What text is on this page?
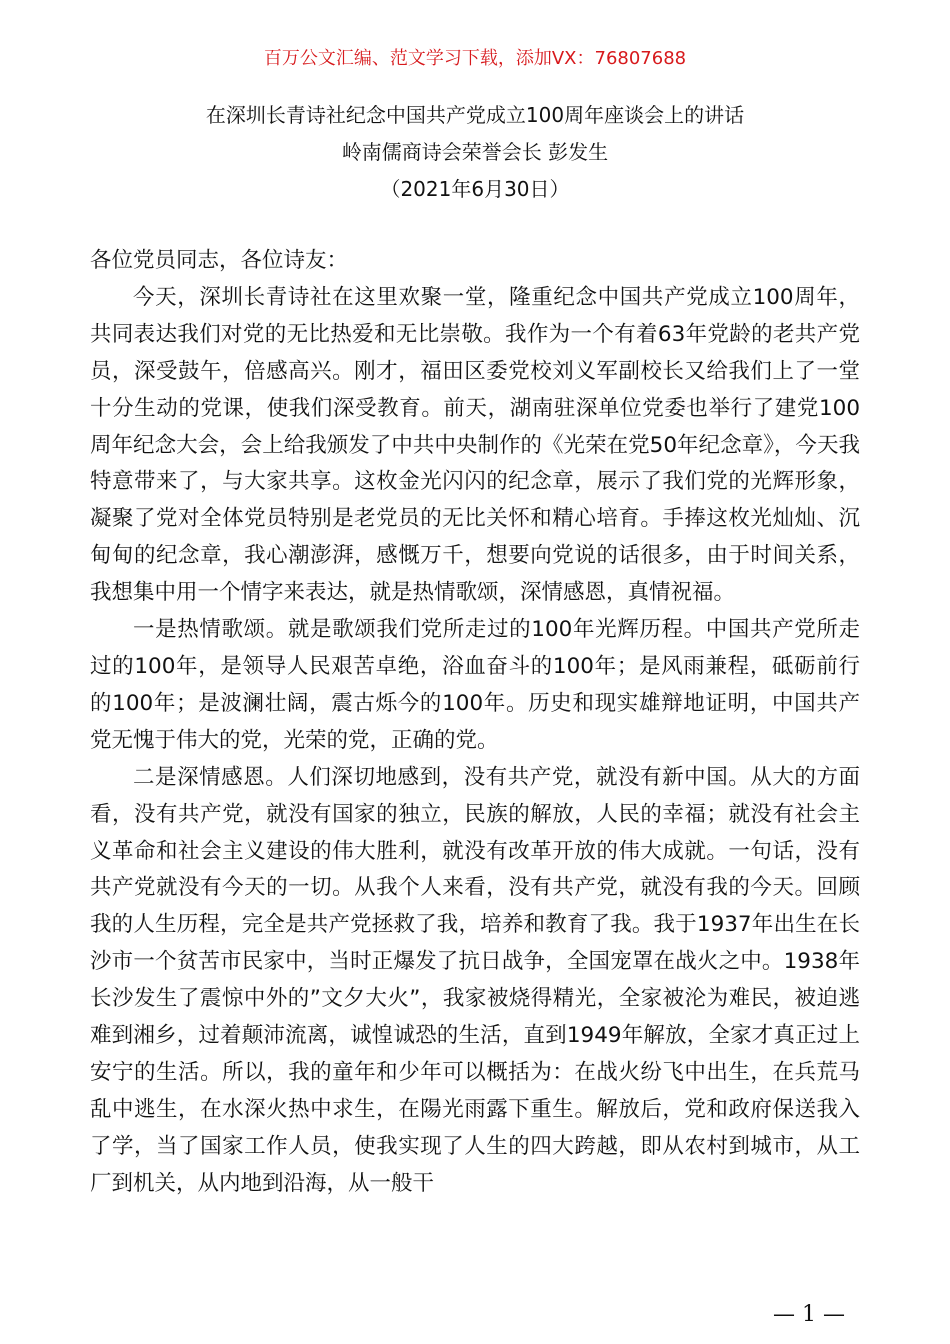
百万公文汇编、范文学习下载，添加VX：76807688
在深圳长青诗社纪念中国共产党成立100周年座谈会上的讲话
岭南儒商诗会荣誉会长 彭发生
（2021年6月30日）

各位党员同志，各位诗友：

今天，深圳长青诗社在这里欢聚一堂，隆重纪念中国共产党成立100周年，共同表达我们对党的无比热爱和无比崇敬。我作为一个有着63年党龄的老共产党员，深受鼓午，倍感高兴。刚才，福田区委党校刘义军副校长又给我们上了一堂十分生动的党课，使我们深受教育。前天，湖南驻深单位党委也举行了建党100周年纪念大会，会上给我颁发了中共中央制作的《光荣在党50年纪念章》，今天我特意带来了，与大家共享。这枚金光闪闪的纪念章，展示了我们党的光辉形象，凝聚了党对全体党员特别是老党员的无比关怀和精心培育。手捧这枚光灿灿、沉甸甸的纪念章，我心潮澎湃，感慨万千，想要向党说的话很多，由于时间关系，我想集中用一个情字来表达，就是热情歌颂，深情感恩，真情祝福。

一是热情歌颂。就是歌颂我们党所走过的100年光辉历程。中国共产党所走过的100年，是领导人民艰苦卓绝，浴血奋斗的100年；是风雨兼程，砥砺前行的100年；是波澜壮阔，震古烁今的100年。历史和现实雄辩地证明，中国共产党无愧于伟大的党，光荣的党，正确的党。

二是深情感恩。人们深切地感到，没有共产党，就没有新中国。从大的方面看，没有共产党，就没有国家的独立，民族的解放，人民的幸福；就没有社会主义革命和社会主义建设的伟大胜利，就没有改革开放的伟大成就。一句话，没有共产党就没有今天的一切。从我个人来看，没有共产党，就没有我的今天。回顾我的人生历程，完全是共产党拯救了我，培养和教育了我。我于1937年出生在长沙市一个贫苦市民家中，当时正爆发了抗日战争，全国宠罩在战火之中。1938年长沙发生了震惊中外的”文夕大火”，我家被烧得精光，全家被沦为难民，被迫逃难到湘乡，过着颠沛流离，诚惶诚恐的生活，直到1949年解放，全家才真正过上安宁的生活。所以，我的童年和少年可以概括为：在战火纷飞中出生，在兵荒马乱中逃生，在水深火热中求生，在陽光雨露下重生。解放后，党和政府保送我入了学，当了国家工作人员，使我实现了人生的四大跨越，即从农村到城市，从工厂到机关，从内地到沿海，从一般干

— 1 —
